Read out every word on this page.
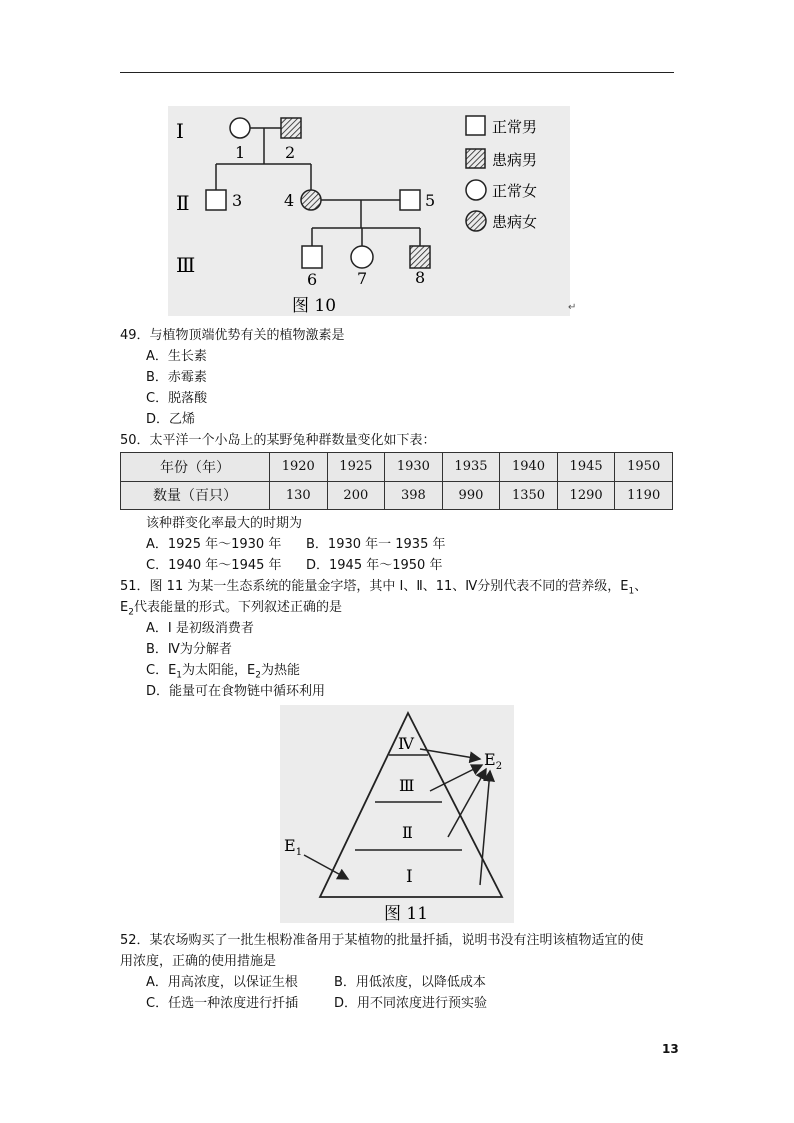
Ⅰ
Ⅱ
Ⅲ
1 2
3	4	5
6 7	8
正常男
患病男
正常女
患病女
图 10	↵
49．与植物顶端优势有关的植物激素是
A．生长素
B．赤霉素
C．脱落酸
D．乙烯
50．太平洋一个小岛上的某野兔种群数量变化如下表：
年份（年）	1920	1925	1930	1935	1940	1945	1950
数量（百只）	130	200	398	990	1350	1290	1190
该种群变化率最大的时期为
A．1925 年～1930 年 B．1930 年一 1935 年
C．1940 年～1945 年 D．1945 年～1950 年
51．图 11 为某一生态系统的能量金字塔，其中 I、Ⅱ、11、Ⅳ分别代表不同的营养级，$E_1$、
$E_2$代表能量的形式。下列叙述正确的是
A．I 是初级消费者
B．Ⅳ为分解者
C．$E_1$为太阳能，$E_2$为热能
D．能量可在食物链中循环利用
Ⅳ
Ⅲ
Ⅱ
I
$E_2$
$E_1$
图 11
52．某农场购买了一批生根粉准备用于某植物的批量扦插，说明书没有注明该植物适宜的使
用浓度，正确的使用措施是
A．用高浓度，以保证生根	B．用低浓度，以降低成本
C．任选一种浓度进行扦插	D．用不同浓度进行预实验
13
